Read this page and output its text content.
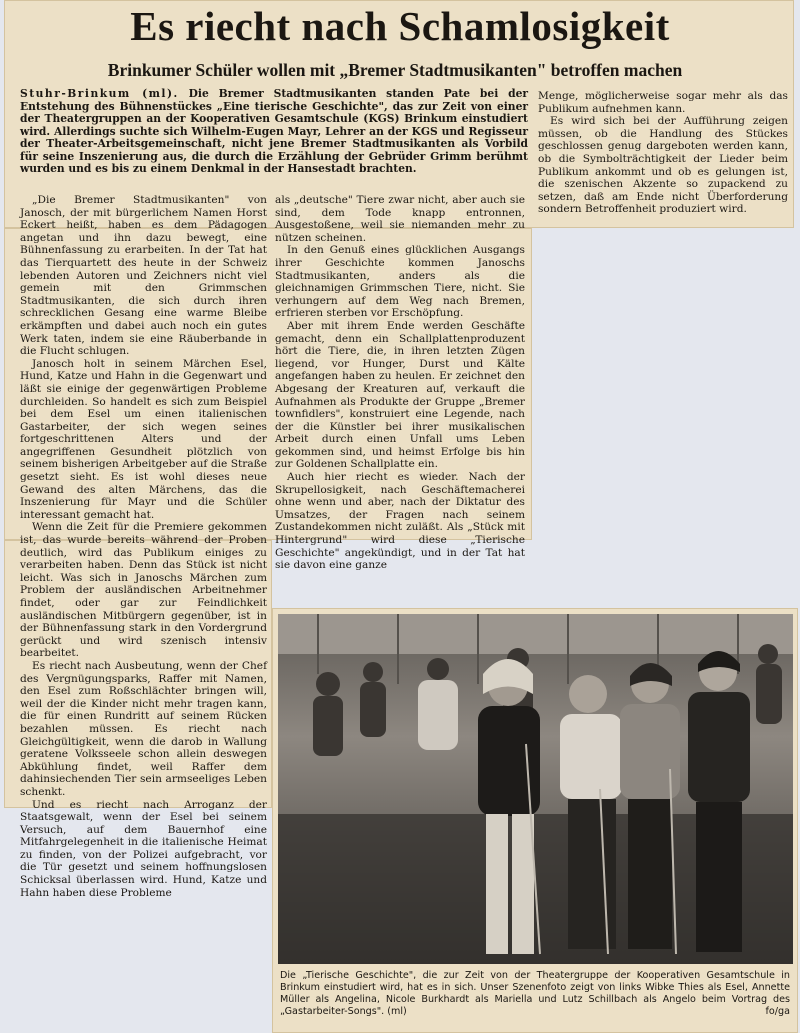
Es riecht nach Schamlosigkeit
Brinkumer Schüler wollen mit „Bremer Stadtmusikanten" betroffen machen

Stuhr-Brinkum (ml). Die Bremer Stadtmusikanten standen Pate bei der Entstehung des Bühnenstückes „Eine tierische Geschichte", das zur Zeit von einer der Theatergruppen an der Kooperativen Gesamtschule (KGS) Brinkum einstudiert wird. Allerdings suchte sich Wilhelm-Eugen Mayr, Lehrer an der KGS und Regisseur der Theater-Arbeitsgemeinschaft, nicht jene Bremer Stadtmusikanten als Vorbild für seine Inszenierung aus, die durch die Erzählung der Gebrüder Grimm berühmt wurden und es bis zu einem Denkmal in der Hansestadt brachten.

„Die Bremer Stadtmusikanten" von Janosch, der mit bürgerlichem Namen Horst Eckert heißt, haben es dem Pädagogen angetan und ihn dazu bewegt, eine Bühnenfassung zu erarbeiten. In der Tat hat das Tierquartett des heute in der Schweiz lebenden Autoren und Zeichners nicht viel gemein mit den Grimmschen Stadtmusikanten, die sich durch ihren schrecklichen Gesang eine warme Bleibe erkämpften und dabei auch noch ein gutes Werk taten, indem sie eine Räuberbande in die Flucht schlugen.

Janosch holt in seinem Märchen Esel, Hund, Katze und Hahn in die Gegenwart und läßt sie einige der gegenwärtigen Probleme durchleiden. So handelt es sich zum Beispiel bei dem Esel um einen italienischen Gastarbeiter, der sich wegen seines fortgeschrittenen Alters und der angegriffenen Gesundheit plötzlich von seinem bisherigen Arbeitgeber auf die Straße gesetzt sieht. Es ist wohl dieses neue Gewand des alten Märchens, das die Inszenierung für Mayr und die Schüler interessant gemacht hat.

Wenn die Zeit für die Premiere gekommen ist, das wurde bereits während der Proben deutlich, wird das Publikum einiges zu verarbeiten haben. Denn das Stück ist nicht leicht. Was sich in Janoschs Märchen zum Problem der ausländischen Arbeitnehmer findet, oder gar zur Feindlichkeit ausländischen Mitbürgern gegenüber, ist in der Bühnenfassung stark in den Vordergrund gerückt und wird szenisch intensiv bearbeitet.

Es riecht nach Ausbeutung, wenn der Chef des Vergnügungsparks, Raffer mit Namen, den Esel zum Roßschlächter bringen will, weil der die Kinder nicht mehr tragen kann, die für einen Rundritt auf seinem Rücken bezahlen müssen. Es riecht nach Gleichgültigkeit, wenn die darob in Wallung geratene Volksseele schon allein deswegen Abkühlung findet, weil Raffer dem dahinsiechenden Tier sein armseeliges Leben schenkt.

Und es riecht nach Arroganz der Staatsgewalt, wenn der Esel bei seinem Versuch, auf dem Bauernhof eine Mitfahrgelegenheit in die italienische Heimat zu finden, von der Polizei aufgebracht, vor die Tür gesetzt und seinem hoffnungslosen Schicksal überlassen wird. Hund, Katze und Hahn haben diese Probleme

als „deutsche" Tiere zwar nicht, aber auch sie sind, dem Tode knapp entronnen, Ausgestoßene, weil sie niemanden mehr zu nützen scheinen.

In den Genuß eines glücklichen Ausgangs ihrer Geschichte kommen Janoschs Stadtmusikanten, anders als die gleichnamigen Grimmschen Tiere, nicht. Sie verhungern auf dem Weg nach Bremen, erfrieren sterben vor Erschöpfung.

Aber mit ihrem Ende werden Geschäfte gemacht, denn ein Schallplattenproduzent hört die Tiere, die, in ihren letzten Zügen liegend, vor Hunger, Durst und Kälte angefangen haben zu heulen. Er zeichnet den Abgesang der Kreaturen auf, verkauft die Aufnahmen als Produkte der Gruppe „Bremer townfidlers", konstruiert eine Legende, nach der die Künstler bei ihrer musikalischen Arbeit durch einen Unfall ums Leben gekommen sind, und heimst Erfolge bis hin zur Goldenen Schallplatte ein.

Auch hier riecht es wieder. Nach der Skrupellosigkeit, nach Geschäftemacherei ohne wenn und aber, nach der Diktatur des Umsatzes, der Fragen nach seinem Zustandekommen nicht zuläßt. Als „Stück mit Hintergrund" wird diese „Tierische Geschichte" angekündigt, und in der Tat hat sie davon eine ganze

Menge, möglicherweise sogar mehr als das Publikum aufnehmen kann.

Es wird sich bei der Aufführung zeigen müssen, ob die Handlung des Stückes geschlossen genug dargeboten werden kann, ob die Symbolträchtigkeit der Lieder beim Publikum ankommt und ob es gelungen ist, die szenischen Akzente so zupackend zu setzen, daß am Ende nicht Überforderung sondern Betroffenheit produziert wird.

Die „Tierische Geschichte", die zur Zeit von der Theatergruppe der Kooperativen Gesamtschule in Brinkum einstudiert wird, hat es in sich. Unser Szenenfoto zeigt von links Wibke Thies als Esel, Annette Müller als Angelina, Nicole Burkhardt als Mariella und Lutz Schillbach als Angelo beim Vortrag des „Gastarbeiter-Songs". (ml)	fo/ga
